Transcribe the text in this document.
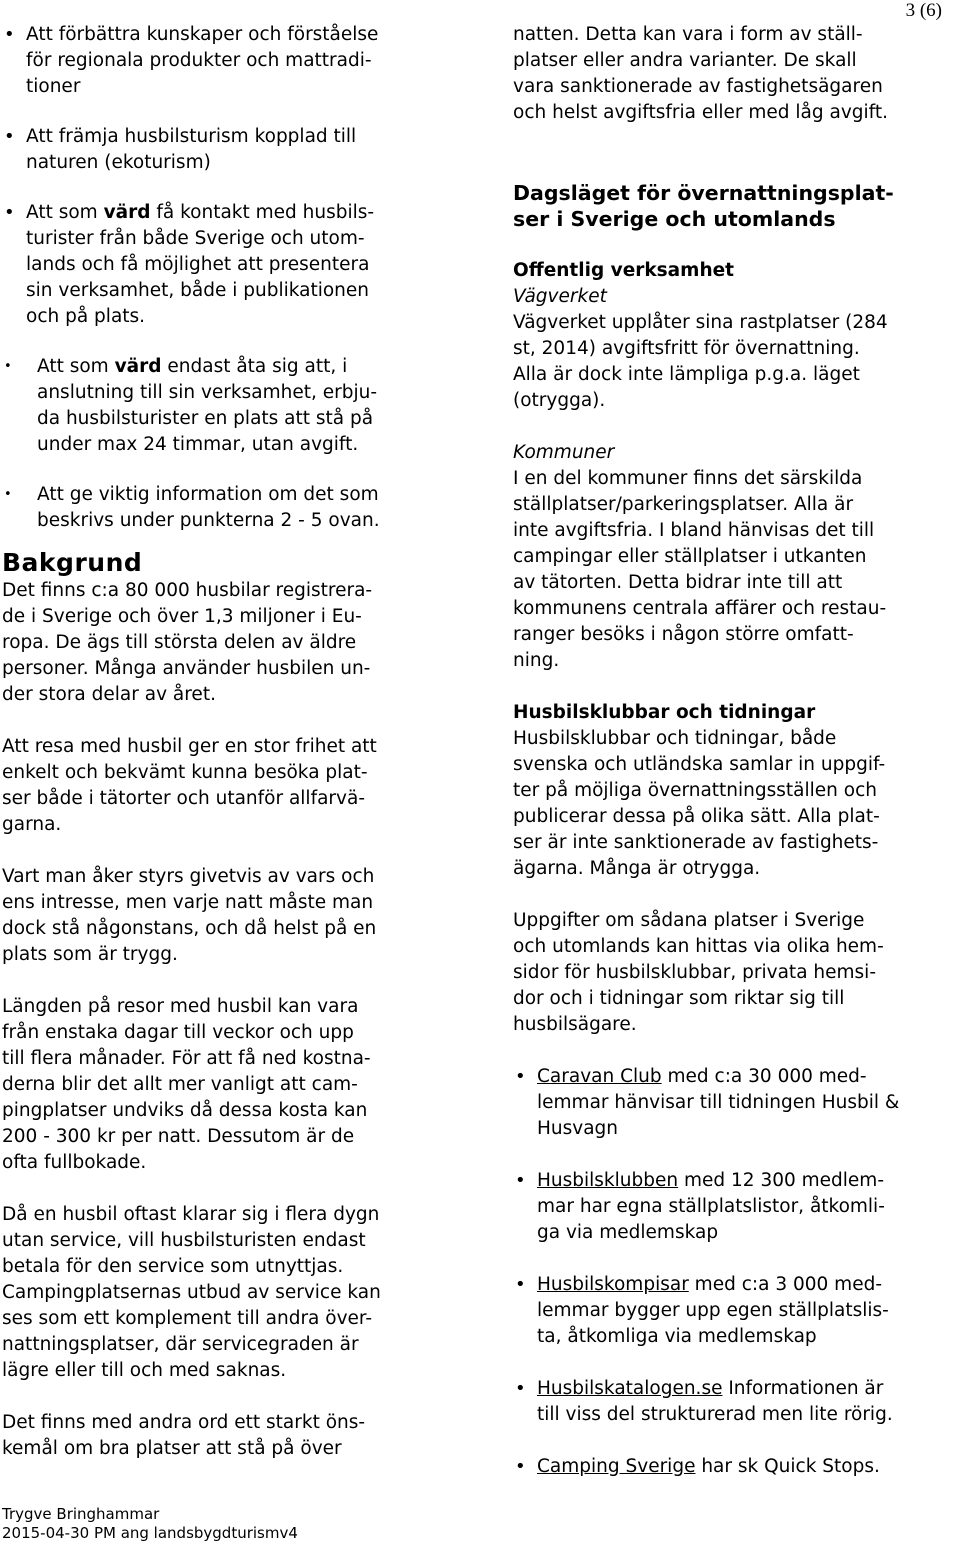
3 (6)
• Att förbättra kunskaper och förståelse
för regionala produkter och mattradi-
tioner
• Att främja husbilsturism kopplad till
naturen (ekoturism)
• Att som värd få kontakt med husbils-
turister från både Sverige och utom-
lands och få möjlighet att presentera
sin verksamhet, både i publikationen
och på plats.
•	Att som värd endast åta sig att, i
anslutning till sin verksamhet, erbju-
da husbilsturister en plats att stå på
under max 24 timmar, utan avgift.
•	Att ge viktig information om det som
beskrivs under punkterna 2 - 5 ovan.
Bakgrund
Det finns c:a 80 000 husbilar registrera-
de i Sverige och över 1,3 miljoner i Eu-
ropa. De ägs till största delen av äldre
personer. Många använder husbilen un-
der stora delar av året.
Att resa med husbil ger en stor frihet att
enkelt och bekvämt kunna besöka plat-
ser både i tätorter och utanför allfarvä-
garna.
Vart man åker styrs givetvis av vars och
ens intresse, men varje natt måste man
dock stå någonstans, och då helst på en
plats som är trygg.
Längden på resor med husbil kan vara
från enstaka dagar till veckor och upp
till flera månader. För att få ned kostna-
derna blir det allt mer vanligt att cam-
pingplatser undviks då dessa kosta kan
200 - 300 kr per natt. Dessutom är de
ofta fullbokade.
Då en husbil oftast klarar sig i flera dygn
utan service, vill husbilsturisten endast
betala för den service som utnyttjas.
Campingplatsernas utbud av service kan
ses som ett komplement till andra över-
nattningsplatser, där servicegraden är
lägre eller till och med saknas.
Det finns med andra ord ett starkt öns-
kemål om bra platser att stå på över
natten. Detta kan vara i form av ställ-
platser eller andra varianter. De skall
vara sanktionerade av fastighetsägaren
och helst avgiftsfria eller med låg avgift.
Dagsläget för övernattningsplat-
ser i Sverige och utomlands
Offentlig verksamhet
Vägverket
Vägverket upplåter sina rastplatser (284
st, 2014) avgiftsfritt för övernattning.
Alla är dock inte lämpliga p.g.a. läget
(otrygga).
Kommuner
I en del kommuner finns det särskilda
ställplatser/parkeringsplatser. Alla är
inte avgiftsfria. I bland hänvisas det till
campingar eller ställplatser i utkanten
av tätorten. Detta bidrar inte till att
kommunens centrala affärer och restau-
ranger besöks i någon större omfatt-
ning.
Husbilsklubbar och tidningar
Husbilsklubbar och tidningar, både
svenska och utländska samlar in uppgif-
ter på möjliga övernattningsställen och
publicerar dessa på olika sätt. Alla plat-
ser är inte sanktionerade av fastighets-
ägarna. Många är otrygga.
Uppgifter om sådana platser i Sverige
och utomlands kan hittas via olika hem-
sidor för husbilsklubbar, privata hemsi-
dor och i tidningar som riktar sig till
husbilsägare.
• Caravan Club med c:a 30 000 med-
lemmar hänvisar till tidningen Husbil &
Husvagn
• Husbilsklubben med 12 300 medlem-
mar har egna ställplatslistor, åtkomli-
ga via medlemskap
• Husbilskompisar med c:a 3 000 med-
lemmar bygger upp egen ställplatslis-
ta, åtkomliga via medlemskap
• Husbilskatalogen.se Informationen är
till viss del strukturerad men lite rörig.
• Camping Sverige har sk Quick Stops.
Trygve Bringhammar
2015-04-30 PM ang landsbygdturismv4
